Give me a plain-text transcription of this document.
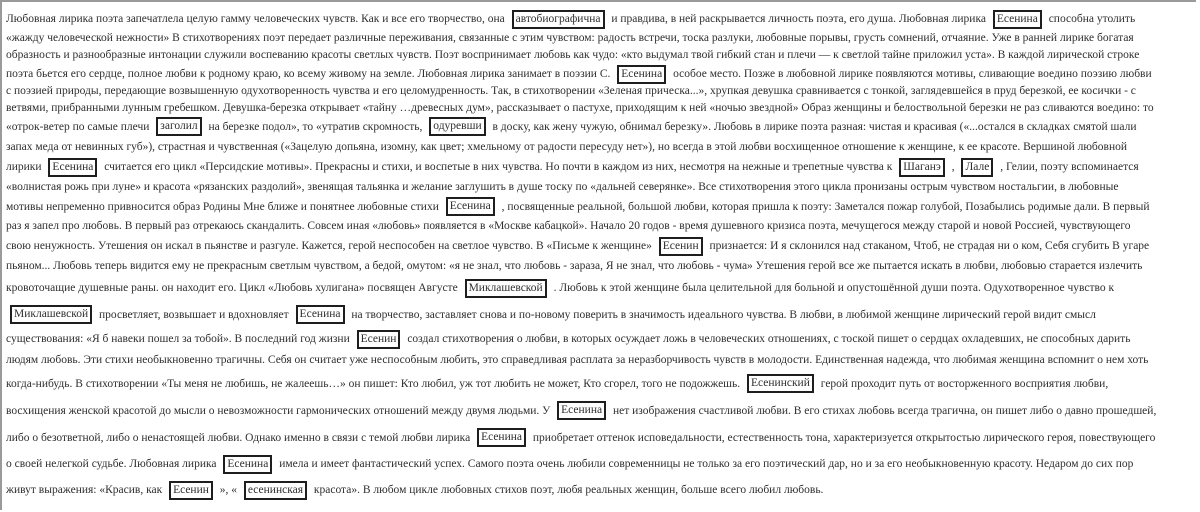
Любовная лирика поэта запечатлела целую гамму человеческих чувств. Как и все его творчество, она автобиографична и правдива, в ней раскрывается личность поэта, его душа. Любовная лирика Есенина способна утолить
«жажду человеческой нежности» В стихотворениях поэт передает различные переживания, связанные с этим чувством: радость встречи, тоска разлуки, любовные порывы, грусть сомнений, отчаяние. Уже в ранней лирике богатая
образность и разнообразные интонации служили воспеванию красоты светлых чувств. Поэт воспринимает любовь как чудо: «кто выдумал твой гибкий стан и плечи — к светлой тайне приложил уста». В каждой лирической строке
поэта бьется его сердце, полное любви к родному краю, ко всему живому на земле. Любовная лирика занимает в поэзии С. Есенина особое место. Позже в любовной лирике появляются мотивы, сливающие воедино поэзию любви
с поэзией природы, передающие возвышенную одухотворенность чувства и его целомудренность. Так, в стихотворении «Зеленая прическа...», хрупкая девушка сравнивается с тонкой, заглядевшейся в пруд березкой, ее косички - с
ветвями, прибранными лунным гребешком. Девушка-березка открывает «тайну …древесных дум», рассказывает о пастухе, приходящим к ней «ночью звездной» Образ женщины и белоствольной березки не раз сливаются воедино: то
«отрок-ветер по самые плечи заголил на березке подол», то «утратив скромность, одуревши в доску, как жену чужую, обнимал березку». Любовь в лирике поэта разная: чистая и красивая («...остался в складках смятой шали
запах меда от невинных губ»), страстная и чувственная («Зацелую допьяна, изомну, как цвет; хмельному от радости пересуду нет»), но всегда в этой любви восхищенное отношение к женщине, к ее красоте. Вершиной любовной
лирики Есенина считается его цикл «Персидские мотивы». Прекрасны и стихи, и воспетые в них чувства. Но почти в каждом из них, несмотря на нежные и трепетные чувства к Шаганэ , Лале , Гелии, поэту вспоминается
«волнистая рожь при луне» и красота «рязанских раздолий», звенящая тальянка и желание заглушить в душе тоску по «дальней северянке». Все стихотворения этого цикла пронизаны острым чувством ностальгии, в любовные
мотивы непременно привносится образ Родины Мне ближе и понятнее любовные стихи Есенина , посвященные реальной, большой любви, которая пришла к поэту: Заметался пожар голубой, Позабылись родимые дали. В первый
раз я запел про любовь. В первый раз отрекаюсь скандалить. Совсем иная «любовь» появляется в «Москве кабацкой». Начало 20 годов - время душевного кризиса поэта, мечущегося между старой и новой Россией, чувствующего
свою ненужность. Утешения он искал в пьянстве и разгуле. Кажется, герой неспособен на светлое чувство. В «Письме к женщине» Есенин признается: И я склонился над стаканом, Чтоб, не страдая ни о ком, Себя сгубить В угаре
пьяном... Любовь теперь видится ему не прекрасным светлым чувством, а бедой, омутом: «я не знал, что любовь - зараза, Я не знал, что любовь - чума» Утешения герой все же пытается искать в любви, любовью старается излечить
кровоточащие душевные раны. он находит его. Цикл «Любовь хулигана» посвящен Августе Миклашевской . Любовь к этой женщине была целительной для больной и опустошённой души поэта. Одухотворенное чувство к
Миклашевской просветляет, возвышает и вдохновляет Есенина на творчество, заставляет снова и по-новому поверить в значимость идеального чувства. В любви, в любимой женщине лирический герой видит смысл
существования: «Я б навеки пошел за тобой». В последний год жизни Есенин создал стихотворения о любви, в которых осуждает ложь в человеческих отношениях, с тоской пишет о сердцах охладевших, не способных дарить
людям любовь. Эти стихи необыкновенно трагичны. Себя он считает уже неспособным любить, это справедливая расплата за неразборчивость чувств в молодости. Единственная надежда, что любимая женщина вспомнит о нем хоть
когда-нибудь. В стихотворении «Ты меня не любишь, не жалеешь…» он пишет: Кто любил, уж тот любить не может, Кто сгорел, того не подожжешь. Есенинский герой проходит путь от восторженного восприятия любви,
восхищения женской красотой до мысли о невозможности гармонических отношений между двумя людьми. У Есенина нет изображения счастливой любви. В его стихах любовь всегда трагична, он пишет либо о давно прошедшей,
либо о безответной, либо о ненастоящей любви. Однако именно в связи с темой любви лирика Есенина приобретает оттенок исповедальности, естественность тона, характеризуется открытостью лирического героя, повествующего
о своей нелегкой судьбе. Любовная лирика Есенина имела и имеет фантастический успех. Самого поэта очень любили современницы не только за его поэтический дар, но и за его необыкновенную красоту. Недаром до сих пор
живут выражения: «Красив, как Есенин », « есенинская красота». В любом цикле любовных стихов поэт, любя реальных женщин, больше всего любил любовь.
